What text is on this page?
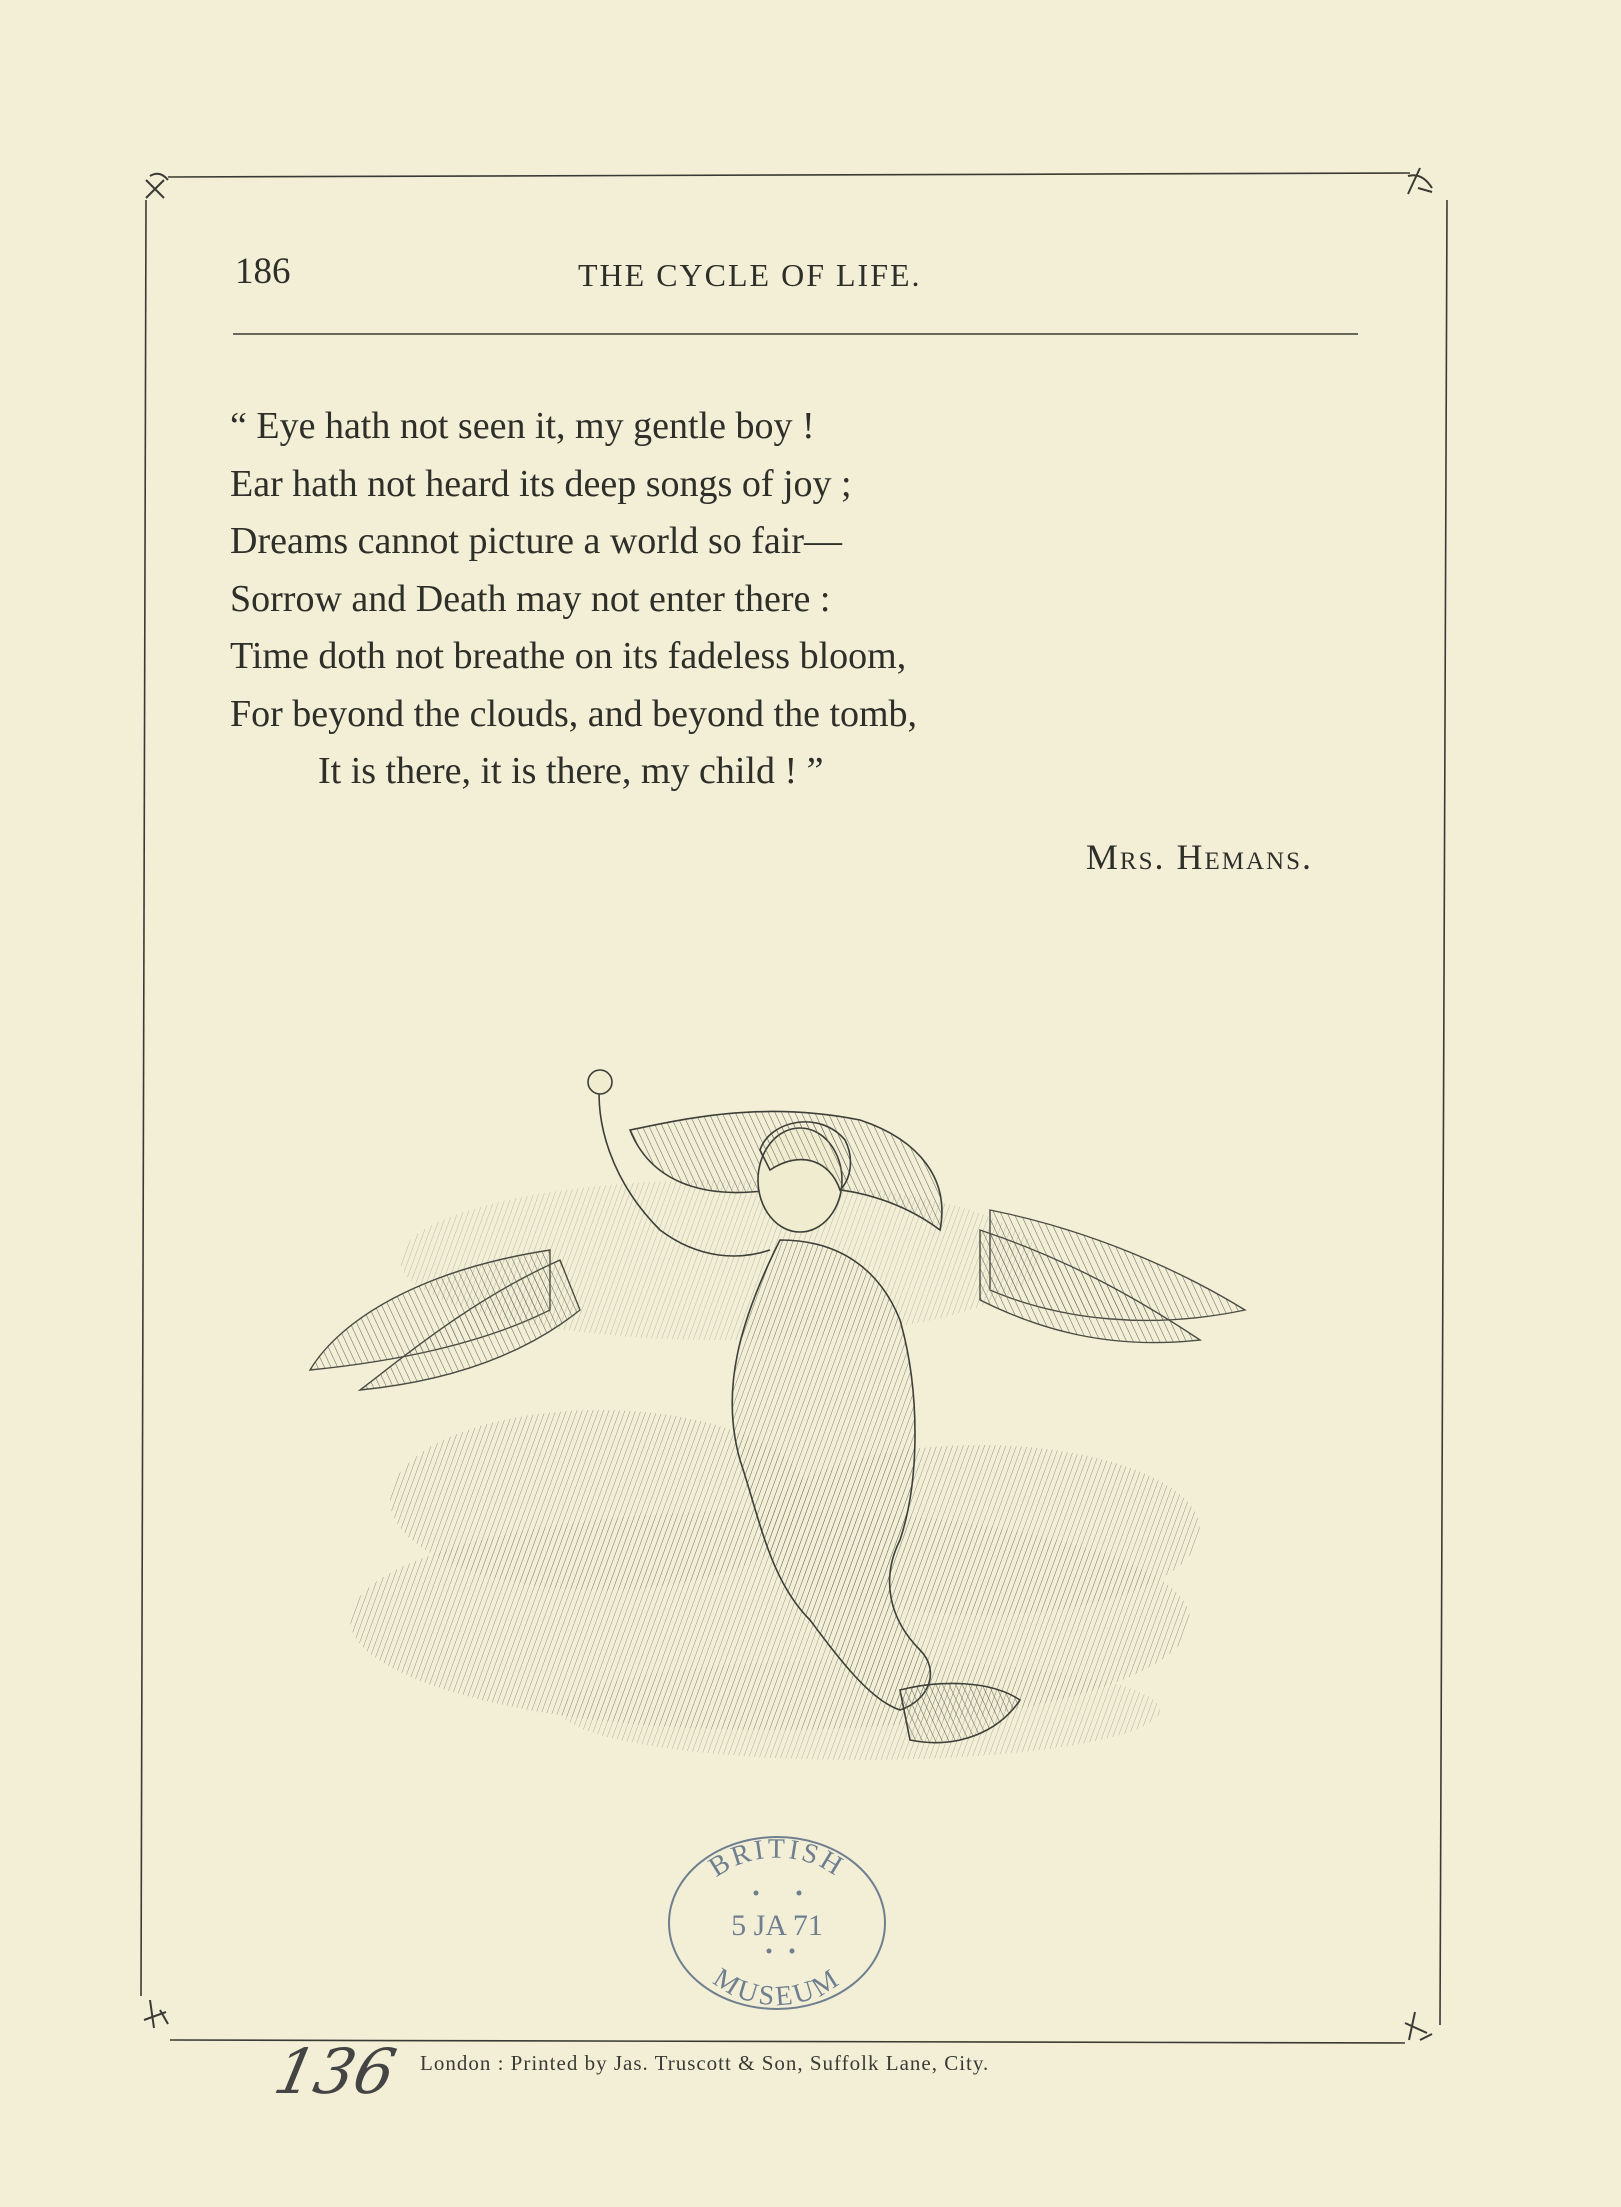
186	THE CYCLE OF LIFE.
“ Eye hath not seen it, my gentle boy !
Ear hath not heard its deep songs of joy ;
Dreams cannot picture a world so fair—
Sorrow and Death may not enter there :
Time doth not breathe on its fadeless bloom,
For beyond the clouds, and beyond the tomb,
It is there, it is there, my child ! ”
Mrs. Hemans.
BRITISH
MUSEUM
5 JA 71
136 London : Printed by Jas. Truscott & Son, Suffolk Lane, City.
